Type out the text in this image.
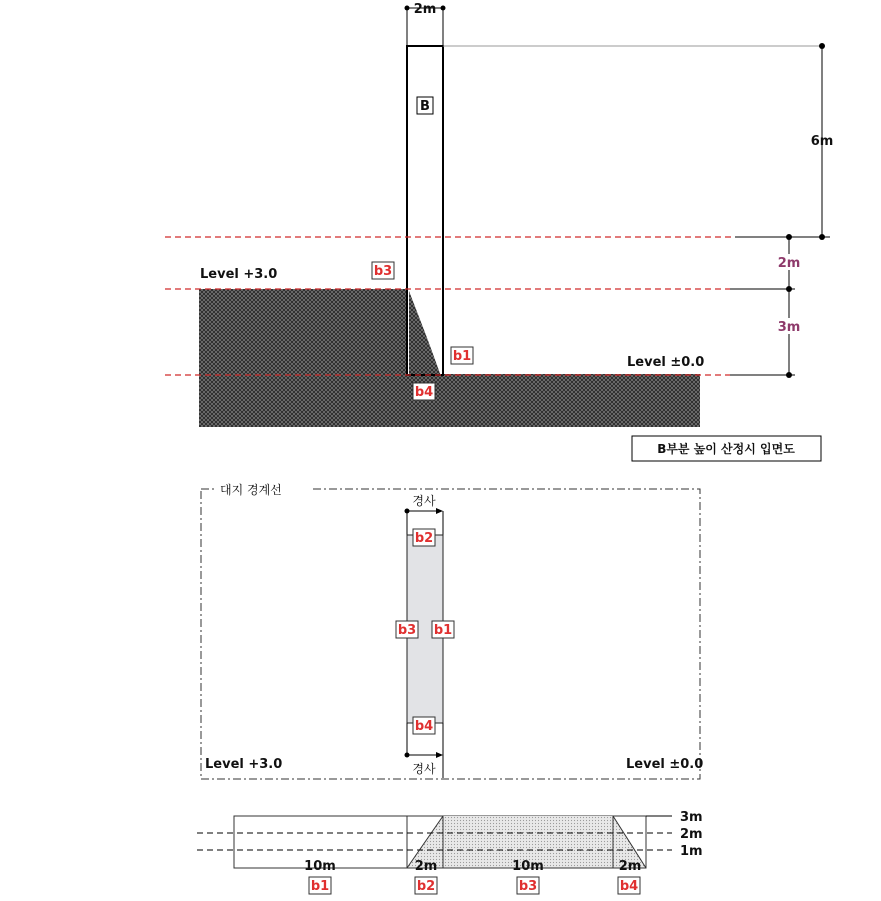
2m
B
6m
2m
3m
Level +3.0
Level ±0.0
b3
b1
b4
B부분 높이 산정시 입면도
대지 경계선
경사
b2
b3 b1
b4
경사
Level +3.0	Level ±0.0
3m
2m
1m
10m	2m	10m	2m
b1	b2	b3	b4
